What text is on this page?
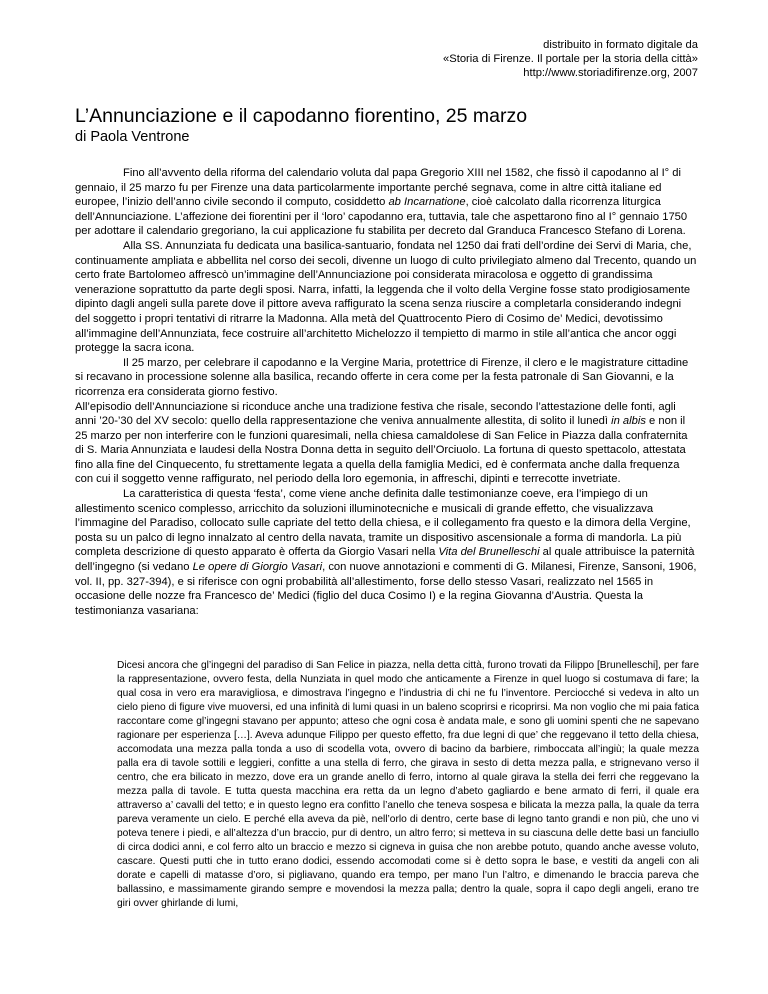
distribuito in formato digitale da
«Storia di Firenze. Il portale per la storia della città»
http://www.storiadifirenze.org, 2007
L’Annunciazione e il capodanno fiorentino, 25 marzo
di Paola Ventrone

Fino all’avvento della riforma del calendario voluta dal papa Gregorio XIII nel 1582, che fissò il capodanno al I° di gennaio, il 25 marzo fu per Firenze una data particolarmente importante perché segnava, come in altre città italiane ed europee, l’inizio dell’anno civile secondo il computo, cosiddetto ab Incarnatione, cioè calcolato dalla ricorrenza liturgica dell’Annunciazione. L’affezione dei fiorentini per il ‘loro’ capodanno era, tuttavia, tale che aspettarono fino al I° gennaio 1750 per adottare il calendario gregoriano, la cui applicazione fu stabilita per decreto dal Granduca Francesco Stefano di Lorena.

Alla SS. Annunziata fu dedicata una basilica-santuario, fondata nel 1250 dai frati dell’ordine dei Servi di Maria, che, continuamente ampliata e abbellita nel corso dei secoli, divenne un luogo di culto privilegiato almeno dal Trecento, quando un certo frate Bartolomeo affrescò un’immagine dell’Annunciazione poi considerata miracolosa e oggetto di grandissima venerazione soprattutto da parte degli sposi. Narra, infatti, la leggenda che il volto della Vergine fosse stato prodigiosamente dipinto dagli angeli sulla parete dove il pittore aveva raffigurato la scena senza riuscire a completarla considerando indegni del soggetto i propri tentativi di ritrarre la Madonna. Alla metà del Quattrocento Piero di Cosimo de’ Medici, devotissimo all’immagine dell’Annunziata, fece costruire all’architetto Michelozzo il tempietto di marmo in stile all’antica che ancor oggi protegge la sacra icona.

Il 25 marzo, per celebrare il capodanno e la Vergine Maria, protettrice di Firenze, il clero e le magistrature cittadine si recavano in processione solenne alla basilica, recando offerte in cera come per la festa patronale di San Giovanni, e la ricorrenza era considerata giorno festivo.

All’episodio dell’Annunciazione si riconduce anche una tradizione festiva che risale, secondo l’attestazione delle fonti, agli anni ’20-’30 del XV secolo: quello della rappresentazione che veniva annualmente allestita, di solito il lunedì in albis e non il 25 marzo per non interferire con le funzioni quaresimali, nella chiesa camaldolese di San Felice in Piazza dalla confraternita di S. Maria Annunziata e laudesi della Nostra Donna detta in seguito dell’Orciuolo. La fortuna di questo spettacolo, attestata fino alla fine del Cinquecento, fu strettamente legata a quella della famiglia Medici, ed è confermata anche dalla frequenza con cui il soggetto venne raffigurato, nel periodo della loro egemonia, in affreschi, dipinti e terrecotte invetriate.

La caratteristica di questa ‘festa’, come viene anche definita dalle testimonianze coeve, era l’impiego di un allestimento scenico complesso, arricchito da soluzioni illuminotecniche e musicali di grande effetto, che visualizzava l’immagine del Paradiso, collocato sulle capriate del tetto della chiesa, e il collegamento fra questo e la dimora della Vergine, posta su un palco di legno innalzato al centro della navata, tramite un dispositivo ascensionale a forma di mandorla. La più completa descrizione di questo apparato è offerta da Giorgio Vasari nella Vita del Brunelleschi al quale attribuisce la paternità dell’ingegno (si vedano Le opere di Giorgio Vasari, con nuove annotazioni e commenti di G. Milanesi, Firenze, Sansoni, 1906, vol. II, pp. 327-394), e si riferisce con ogni probabilità all’allestimento, forse dello stesso Vasari, realizzato nel 1565 in occasione delle nozze fra Francesco de’ Medici (figlio del duca Cosimo I) e la regina Giovanna d’Austria. Questa la testimonianza vasariana:

Dicesi ancora che gl’ingegni del paradiso di San Felice in piazza, nella detta città, furono trovati da Filippo [Brunelleschi], per fare la rappresentazione, ovvero festa, della Nunziata in quel modo che anticamente a Firenze in quel luogo si costumava di fare; la qual cosa in vero era maravigliosa, e dimostrava l’ingegno e l’industria di chi ne fu l’inventore. Perciocché si vedeva in alto un cielo pieno di figure vive muoversi, ed una infinità di lumi quasi in un baleno scoprirsi e ricoprirsi. Ma non voglio che mi paia fatica raccontare come gl’ingegni stavano per appunto; atteso che ogni cosa è andata male, e sono gli uomini spenti che ne sapevano ragionare per esperienza […]. Aveva adunque Filippo per questo effetto, fra due legni di que’ che reggevano il tetto della chiesa, accomodata una mezza palla tonda a uso di scodella vota, ovvero di bacino da barbiere, rimboccata all’ingiù; la quale mezza palla era di tavole sottili e leggieri, confitte a una stella di ferro, che girava in sesto di detta mezza palla, e strignevano verso il centro, che era bilicato in mezzo, dove era un grande anello di ferro, intorno al quale girava la stella dei ferri che reggevano la mezza palla di tavole. E tutta questa macchina era retta da un legno d’abeto gagliardo e bene armato di ferri, il quale era attraverso a’ cavalli del tetto; e in questo legno era confitto l’anello che teneva sospesa e bilicata la mezza palla, la quale da terra pareva veramente un cielo. E perché ella aveva da piè, nell’orlo di dentro, certe base di legno tanto grandi e non più, che uno vi poteva tenere i piedi, e all’altezza d’un braccio, pur di dentro, un altro ferro; si metteva in su ciascuna delle dette basi un fanciullo di circa dodici anni, e col ferro alto un braccio e mezzo si cigneva in guisa che non arebbe potuto, quando anche avesse voluto, cascare. Questi putti che in tutto erano dodici, essendo accomodati come si è detto sopra le base, e vestiti da angeli con ali dorate e capelli di matasse d’oro, si pigliavano, quando era tempo, per mano l’un l’altro, e dimenando le braccia pareva che ballassino, e massimamente girando sempre e movendosi la mezza palla; dentro la quale, sopra il capo degli angeli, erano tre giri ovver ghirlande di lumi,
